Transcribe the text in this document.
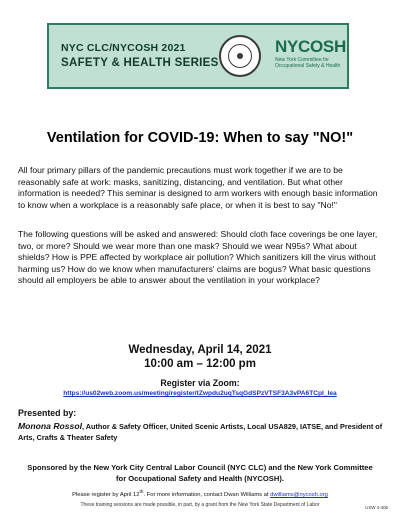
NYC CLC/NYCOSH 2021
SAFETY & HEALTH SERIES
NYCOSH
New York Committee for Occupational Safety & Health
Ventilation for COVID-19: When to say "NO!"

All four primary pillars of the pandemic precautions must work together if we are to be reasonably safe at work: masks, sanitizing, distancing, and ventilation. But what other information is needed? This seminar is designed to arm workers with enough basic information to know when a workplace is a reasonably safe place, or when it is best to say "No!"

The following questions will be asked and answered: Should cloth face coverings be one layer, two, or more? Should we wear more than one mask? Should we wear N95s? What about shields? How is PPE affected by workplace air pollution? Which sanitizers kill the virus without harming us? How do we know when manufacturers' claims are bogus? What basic questions should all employers be able to answer about the ventilation in your workplace?

Wednesday, April 14, 2021
10:00 am – 12:00 pm
Register via Zoom:
https://us02web.zoom.us/meeting/register/tZwpdu2uqTsqGdSPzVTSF3A3vPA6TCpl_lea
Presented by:
Monona Rossol, Author & Safety Officer, United Scenic Artists, Local USA829, IATSE, and President of Arts, Crafts & Theater Safety
Sponsored by the New York City Central Labor Council (NYC CLC) and the New York Committee for Occupational Safety and Health (NYCOSH).
Please register by April 12th. For more information, contact Dwan Williams at dwilliams@nycosh.org
These training sessions are made possible, in part, by a grant from the New York State Department of Labor	USW 4-406
